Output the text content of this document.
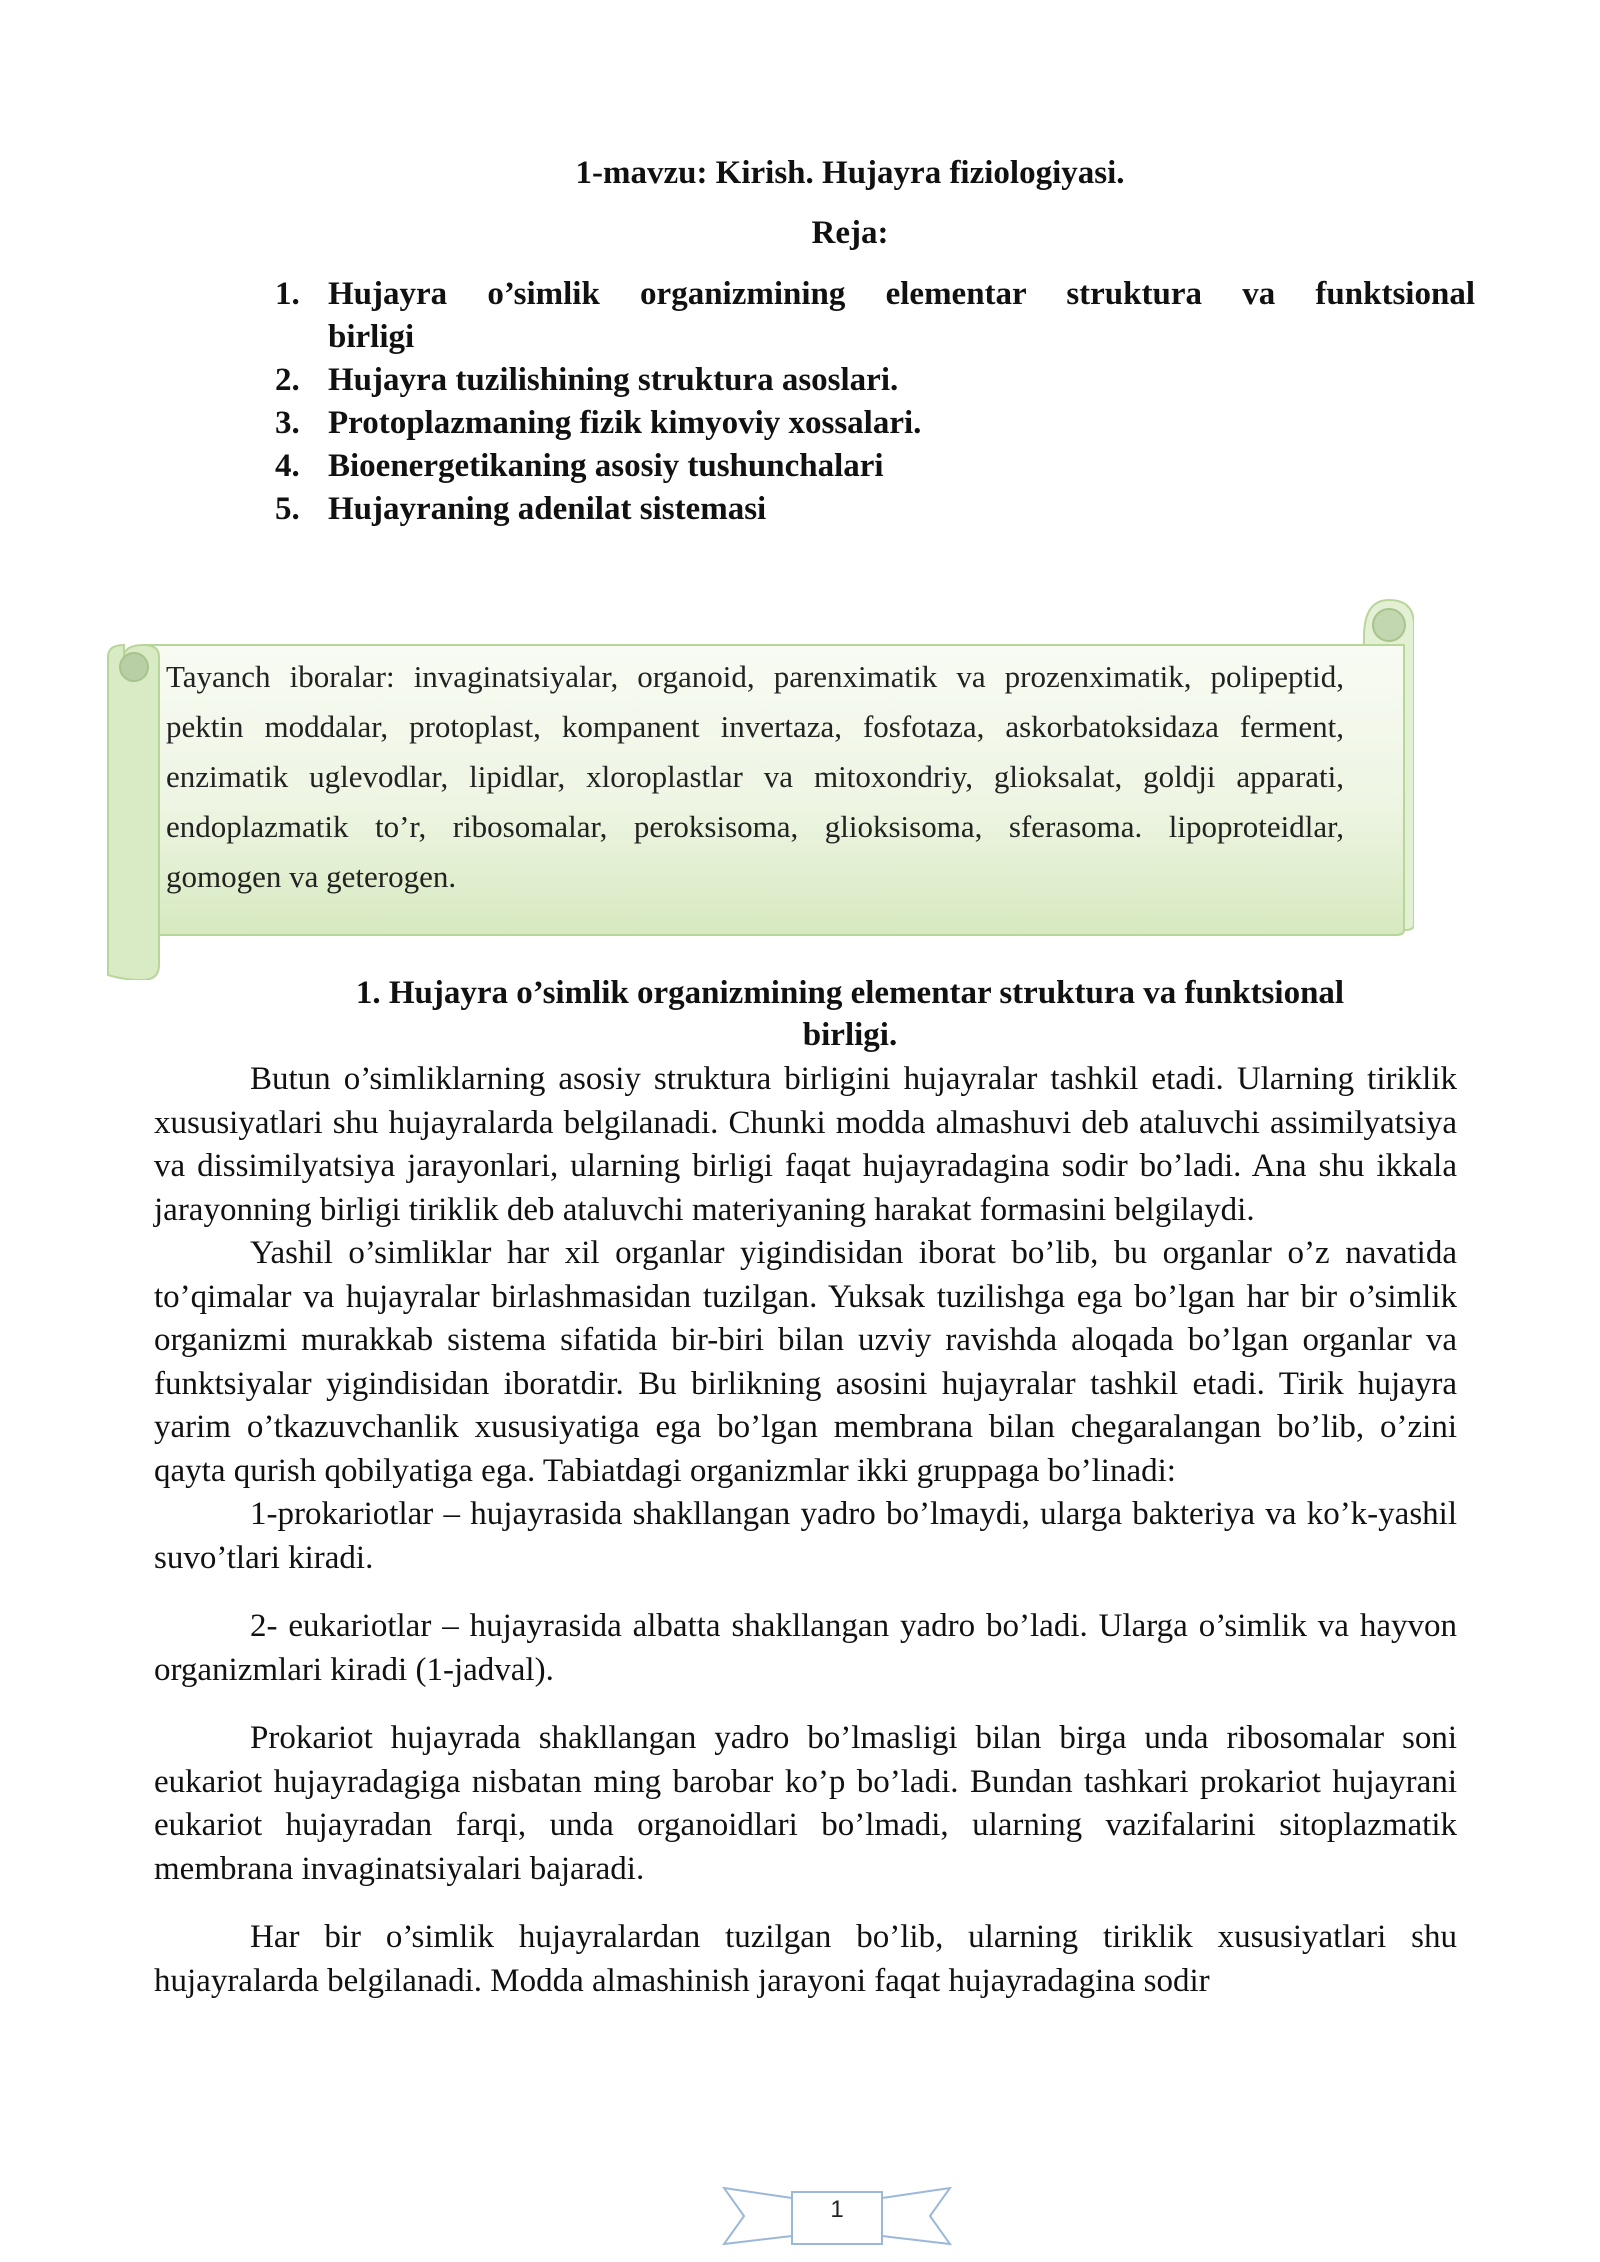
1-mavzu: Kirish. Hujayra fiziologiyasi.
Reja:
1. Hujayra o’simlik organizmining elementar struktura va funktsional
birligi
2. Hujayra tuzilishining struktura asoslari.
3. Protoplazmaning fizik kimyoviy xossalari.
4. Bioenergetikaning asosiy tushunchalari
5. Hujayraning adenilat sistemasi
Tayanch iboralar: invaginatsiyalar, organoid, parenximatik va prozenximatik, polipeptid, pektin moddalar, protoplast, kompanent invertaza, fosfotaza, askorbatoksidaza ferment, enzimatik uglevodlar, lipidlar, xloroplastlar va mitoxondriy, glioksalat, goldji apparati, endoplazmatik to’r, ribosomalar, peroksisoma, glioksisoma, sferasoma. lipoproteidlar, gomogen va geterogen.
1. Hujayra o’simlik organizmining elementar struktura va funktsional
birligi.

Butun o’simliklarning asosiy struktura birligini hujayralar tashkil etadi. Ularning tiriklik xususiyatlari shu hujayralarda belgilanadi. Chunki modda almashuvi deb ataluvchi assimilyatsiya va dissimilyatsiya jarayonlari, ularning birligi faqat hujayradagina sodir bo’ladi. Ana shu ikkala jarayonning birligi tiriklik deb ataluvchi materiyaning harakat formasini belgilaydi.

Yashil o’simliklar har xil organlar yigindisidan iborat bo’lib, bu organlar o’z navatida to’qimalar va hujayralar birlashmasidan tuzilgan. Yuksak tuzilishga ega bo’lgan har bir o’simlik organizmi murakkab sistema sifatida bir-biri bilan uzviy ravishda aloqada bo’lgan organlar va funktsiyalar yigindisidan iboratdir. Bu birlikning asosini hujayralar tashkil etadi. Tirik hujayra yarim o’tkazuvchanlik xususiyatiga ega bo’lgan membrana bilan chegaralangan bo’lib, o’zini qayta qurish qobilyatiga ega. Tabiatdagi organizmlar ikki gruppaga bo’linadi:

1-prokariotlar – hujayrasida shakllangan yadro bo’lmaydi, ularga bakteriya va ko’k-yashil suvo’tlari kiradi.

2- eukariotlar – hujayrasida albatta shakllangan yadro bo’ladi. Ularga o’simlik va hayvon organizmlari kiradi (1-jadval).

Prokariot hujayrada shakllangan yadro bo’lmasligi bilan birga unda ribosomalar soni eukariot hujayradagiga nisbatan ming barobar ko’p bo’ladi. Bundan tashkari prokariot hujayrani eukariot hujayradan farqi, unda organoidlari bo’lmadi, ularning vazifalarini sitoplazmatik membrana invaginatsiyalari bajaradi.

Har bir o’simlik hujayralardan tuzilgan bo’lib, ularning tiriklik xususiyatlari shu hujayralarda belgilanadi. Modda almashinish jarayoni faqat hujayradagina sodir

1
